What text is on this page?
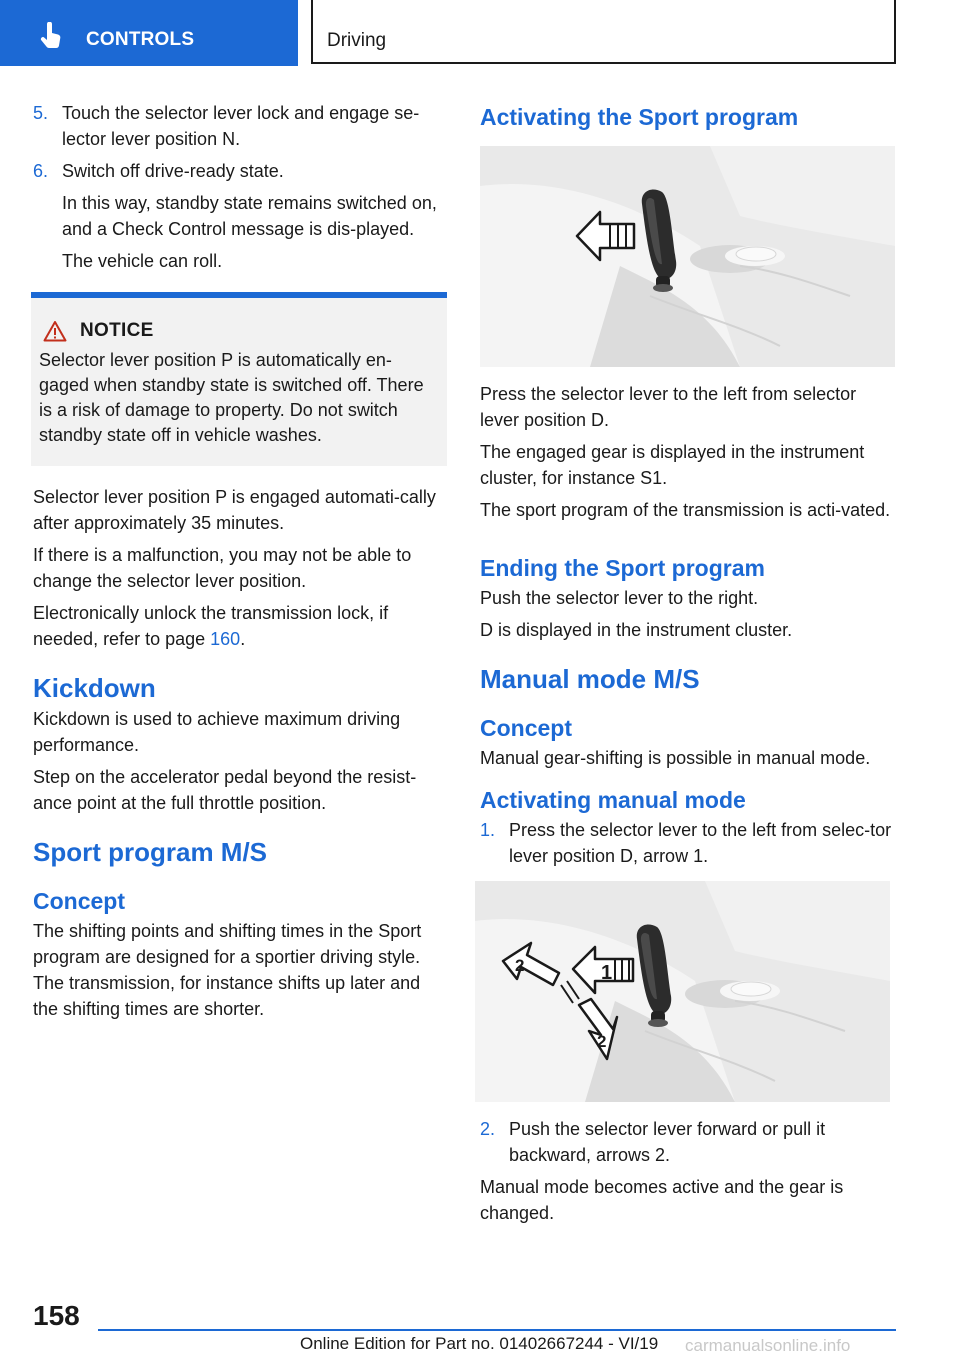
CONTROLS	Driving
5. Touch the selector lever lock and engage se‐lector lever position N.
6. Switch off drive-ready state.

In this way, standby state remains switched on, and a Check Control message is dis‐played.

The vehicle can roll.

NOTICE

Selector lever position P is automatically en‐gaged when standby state is switched off. There is a risk of damage to property. Do not switch standby state off in vehicle washes.

Selector lever position P is engaged automati‐cally after approximately 35 minutes.

If there is a malfunction, you may not be able to change the selector lever position.

Electronically unlock the transmission lock, if needed, refer to page 160.

Kickdown

Kickdown is used to achieve maximum driving performance.

Step on the accelerator pedal beyond the resist‐ance point at the full throttle position.

Sport program M/S
Concept

The shifting points and shifting times in the Sport program are designed for a sportier driving style. The transmission, for instance shifts up later and the shifting times are shorter.

Activating the Sport program

Press the selector lever to the left from selector lever position D.

The engaged gear is displayed in the instrument cluster, for instance S1.

The sport program of the transmission is acti‐vated.

Ending the Sport program

Push the selector lever to the right.

D is displayed in the instrument cluster.

Manual mode M/S
Concept

Manual gear-shifting is possible in manual mode.

Activating manual mode
1. Press the selector lever to the left from selec‐tor lever position D, arrow 1.
1
2
2
2. Push the selector lever forward or pull it backward, arrows 2.

Manual mode becomes active and the gear is changed.

158
Online Edition for Part no. 01402667244 - VI/19 carmanualsonline.info
